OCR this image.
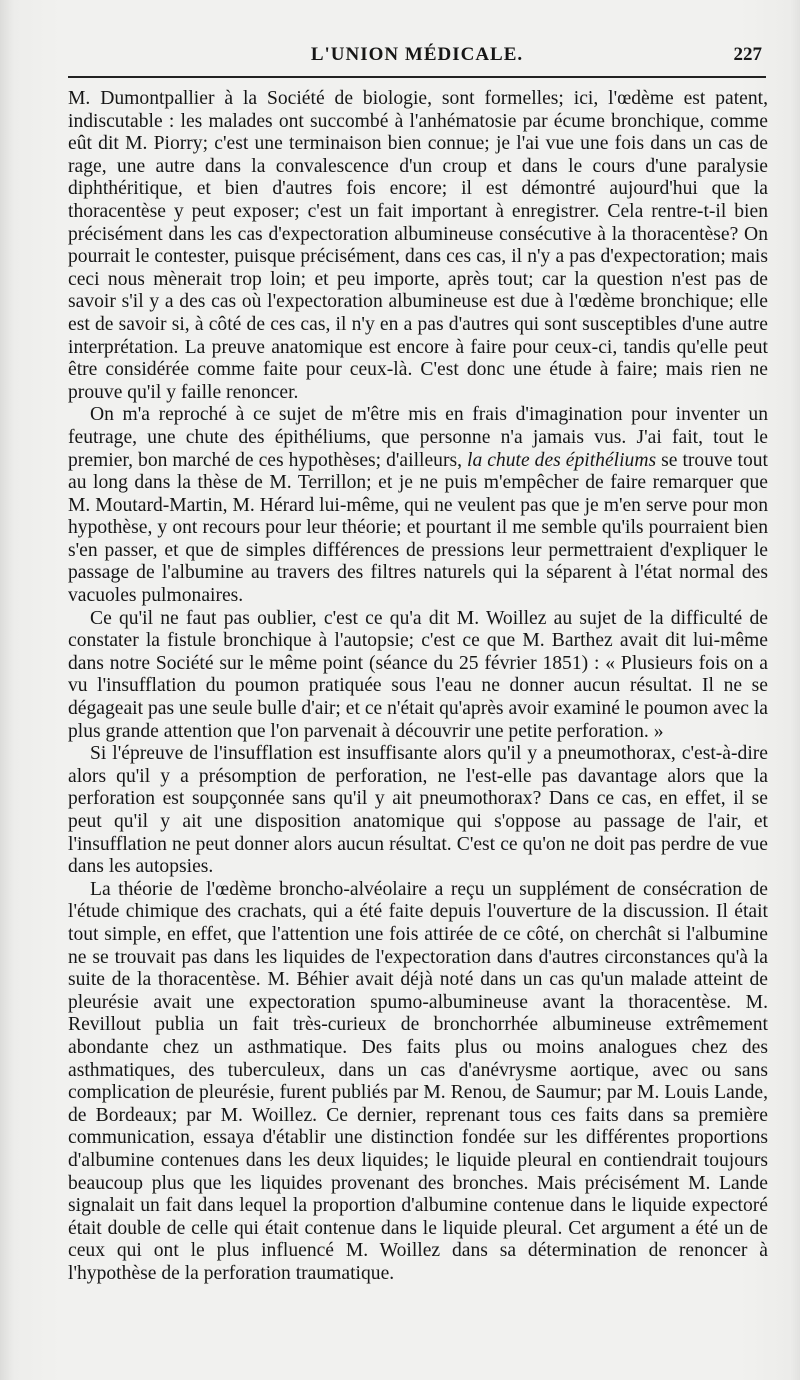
L'UNION MÉDICALE.	227

M. Dumontpallier à la Société de biologie, sont formelles; ici, l'œdème est patent, indiscutable : les malades ont succombé à l'anhématosie par écume bronchique, comme eût dit M. Piorry; c'est une terminaison bien connue; je l'ai vue une fois dans un cas de rage, une autre dans la convalescence d'un croup et dans le cours d'une paralysie diphthéritique, et bien d'autres fois encore; il est démontré aujourd'hui que la thoracentèse y peut exposer; c'est un fait important à enregistrer. Cela rentre-t-il bien précisément dans les cas d'expectoration albumineuse consécutive à la thoracentèse? On pourrait le contester, puisque précisément, dans ces cas, il n'y a pas d'expectoration; mais ceci nous mènerait trop loin; et peu importe, après tout; car la question n'est pas de savoir s'il y a des cas où l'expectoration albumineuse est due à l'œdème bronchique; elle est de savoir si, à côté de ces cas, il n'y en a pas d'autres qui sont susceptibles d'une autre interprétation. La preuve anatomique est encore à faire pour ceux-ci, tandis qu'elle peut être considérée comme faite pour ceux-là. C'est donc une étude à faire; mais rien ne prouve qu'il y faille renoncer.

On m'a reproché à ce sujet de m'être mis en frais d'imagination pour inventer un feutrage, une chute des épithéliums, que personne n'a jamais vus. J'ai fait, tout le premier, bon marché de ces hypothèses; d'ailleurs, la chute des épithéliums se trouve tout au long dans la thèse de M. Terrillon; et je ne puis m'empêcher de faire remarquer que M. Moutard-Martin, M. Hérard lui-même, qui ne veulent pas que je m'en serve pour mon hypothèse, y ont recours pour leur théorie; et pourtant il me semble qu'ils pourraient bien s'en passer, et que de simples différences de pressions leur permettraient d'expliquer le passage de l'albumine au travers des filtres naturels qui la séparent à l'état normal des vacuoles pulmonaires.

Ce qu'il ne faut pas oublier, c'est ce qu'a dit M. Woillez au sujet de la difficulté de constater la fistule bronchique à l'autopsie; c'est ce que M. Barthez avait dit lui-même dans notre Société sur le même point (séance du 25 février 1851) : « Plusieurs fois on a vu l'insufflation du poumon pratiquée sous l'eau ne donner aucun résultat. Il ne se dégageait pas une seule bulle d'air; et ce n'était qu'après avoir examiné le poumon avec la plus grande attention que l'on parvenait à découvrir une petite perforation. »

Si l'épreuve de l'insufflation est insuffisante alors qu'il y a pneumothorax, c'est-à-dire alors qu'il y a présomption de perforation, ne l'est-elle pas davantage alors que la perforation est soupçonnée sans qu'il y ait pneumothorax? Dans ce cas, en effet, il se peut qu'il y ait une disposition anatomique qui s'oppose au passage de l'air, et l'insufflation ne peut donner alors aucun résultat. C'est ce qu'on ne doit pas perdre de vue dans les autopsies.

La théorie de l'œdème broncho-alvéolaire a reçu un supplément de consécration de l'étude chimique des crachats, qui a été faite depuis l'ouverture de la discussion. Il était tout simple, en effet, que l'attention une fois attirée de ce côté, on cherchât si l'albumine ne se trouvait pas dans les liquides de l'expectoration dans d'autres circonstances qu'à la suite de la thoracentèse. M. Béhier avait déjà noté dans un cas qu'un malade atteint de pleurésie avait une expectoration spumo-albumineuse avant la thoracentèse. M. Revillout publia un fait très-curieux de bronchorrhée albumineuse extrêmement abondante chez un asthmatique. Des faits plus ou moins analogues chez des asthmatiques, des tuberculeux, dans un cas d'anévrysme aortique, avec ou sans complication de pleurésie, furent publiés par M. Renou, de Saumur; par M. Louis Lande, de Bordeaux; par M. Woillez. Ce dernier, reprenant tous ces faits dans sa première communication, essaya d'établir une distinction fondée sur les différentes proportions d'albumine contenues dans les deux liquides; le liquide pleural en contiendrait toujours beaucoup plus que les liquides provenant des bronches. Mais précisément M. Lande signalait un fait dans lequel la proportion d'albumine contenue dans le liquide expectoré était double de celle qui était contenue dans le liquide pleural. Cet argument a été un de ceux qui ont le plus influencé M. Woillez dans sa détermination de renoncer à l'hypothèse de la perforation traumatique.
